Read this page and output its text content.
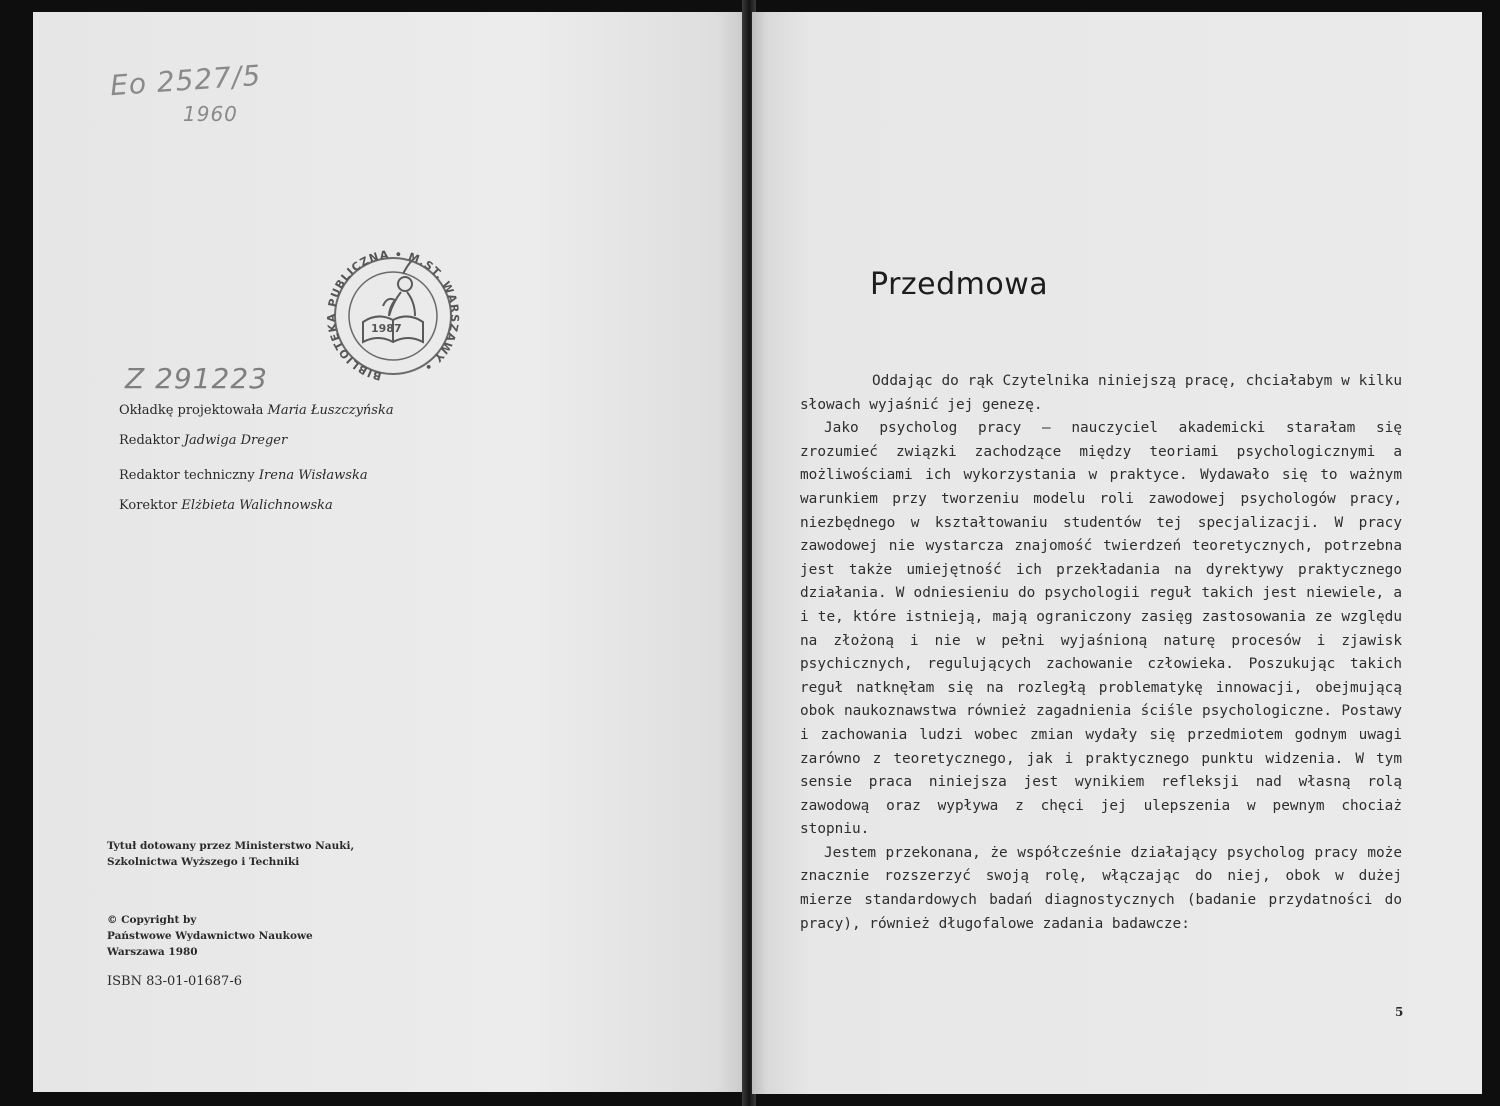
Eo 2527/5
1960
BIBLIOTEKA PUBLICZNA • M.ST. WARSZAWY •
1987
Z 291223
Okładkę projektowała Maria Łuszczyńska
Redaktor Jadwiga Dreger
Redaktor techniczny Irena Wisławska
Korektor Elżbieta Walichnowska
Tytuł dotowany przez Ministerstwo Nauki,
Szkolnictwa Wyższego i Techniki
© Copyright by
Państwowe Wydawnictwo Naukowe
Warszawa 1980
ISBN 83-01-01687-6
Przedmowa

Oddając do rąk Czytelnika niniejszą pracę, chciałabym w kilku słowach wyjaśnić jej genezę.

Jako psycholog pracy — nauczyciel akademicki starałam się zrozumieć związki zachodzące między teoriami psychologicznymi a możliwościami ich wykorzystania w praktyce. Wydawało się to ważnym warunkiem przy tworzeniu modelu roli zawodowej psychologów pracy, niezbędnego w kształtowaniu studentów tej specjalizacji. W pracy zawodowej nie wystarcza znajomość twierdzeń teoretycznych, potrzebna jest także umiejętność ich przekładania na dyrektywy praktycznego działania. W odniesieniu do psychologii reguł takich jest niewiele, a i te, które istnieją, mają ograniczony zasięg zastosowania ze względu na złożoną i nie w pełni wyjaśnioną naturę procesów i zjawisk psychicznych, regulujących zachowanie człowieka. Poszukując takich reguł natknęłam się na rozległą problematykę innowacji, obejmującą obok naukoznawstwa również zagadnienia ściśle psychologiczne. Postawy i zachowania ludzi wobec zmian wydały się przedmiotem godnym uwagi zarówno z teoretycznego, jak i praktycznego punktu widzenia. W tym sensie praca niniejsza jest wynikiem refleksji nad własną rolą zawodową oraz wypływa z chęci jej ulepszenia w pewnym chociaż stopniu.

Jestem przekonana, że współcześnie działający psycholog pracy może znacznie rozszerzyć swoją rolę, włączając do niej, obok w dużej mierze standardowych badań diagnostycznych (badanie przydatności do pracy), również długofalowe zadania badawcze:

5
